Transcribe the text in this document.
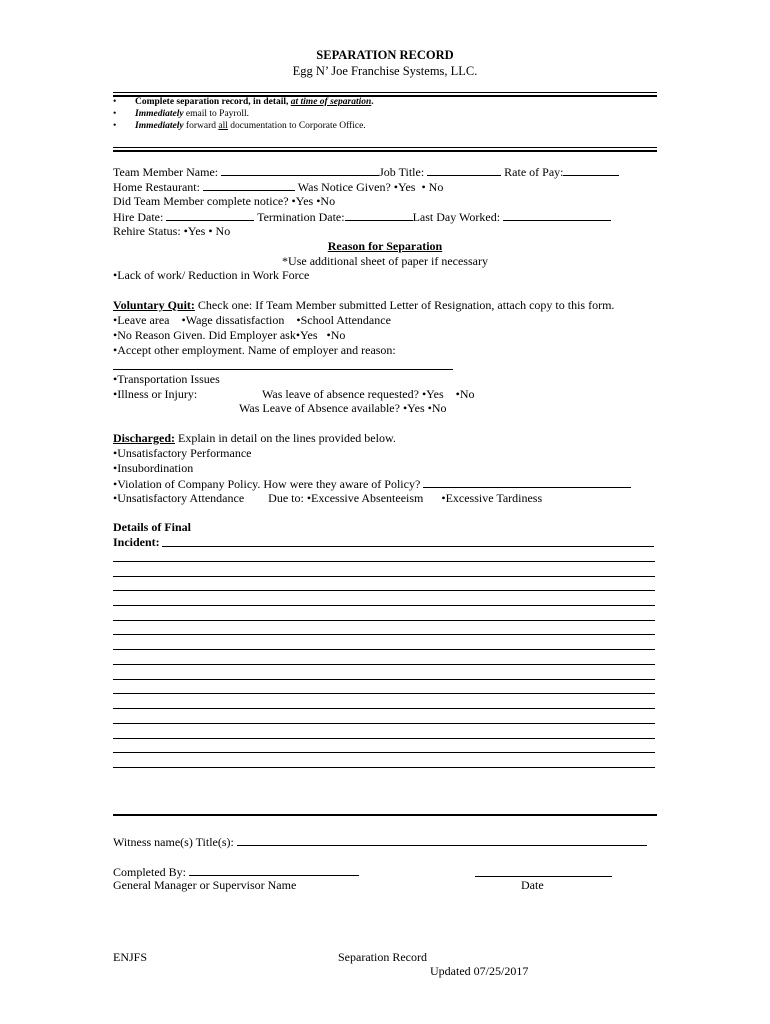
SEPARATION RECORD
Egg N’ Joe Franchise Systems, LLC.
• Complete separation record, in detail, at time of separation.
• Immediately email to Payroll.
• Immediately forward all documentation to Corporate Office.
Team Member Name:	Job Title:	Rate of Pay:
Home Restaurant:	Was Notice Given? •Yes • No
Did Team Member complete notice? •Yes •No
Hire Date:	Termination Date:	Last Day Worked:
Rehire Status: •Yes • No
Reason for Separation
*Use additional sheet of paper if necessary
•Lack of work/ Reduction in Work Force
Voluntary Quit: Check one: If Team Member submitted Letter of Resignation, attach copy to this form.
•Leave area •Wage dissatisfaction •School Attendance
•No Reason Given. Did Employer ask•Yes •No
•Accept other employment. Name of employer and reason:
•Transportation Issues
•Illness or Injury:	Was leave of absence requested? •Yes •No
Was Leave of Absence available? •Yes •No
Discharged: Explain in detail on the lines provided below.
•Unsatisfactory Performance
•Insubordination
•Violation of Company Policy. How were they aware of Policy?
•Unsatisfactory Attendance Due to: •Excessive Absenteeism •Excessive Tardiness
Details of Final
Incident:
Witness name(s) Title(s):
Completed By:
General Manager or Supervisor Name	Date
ENJFS	Separation Record
Updated 07/25/2017
